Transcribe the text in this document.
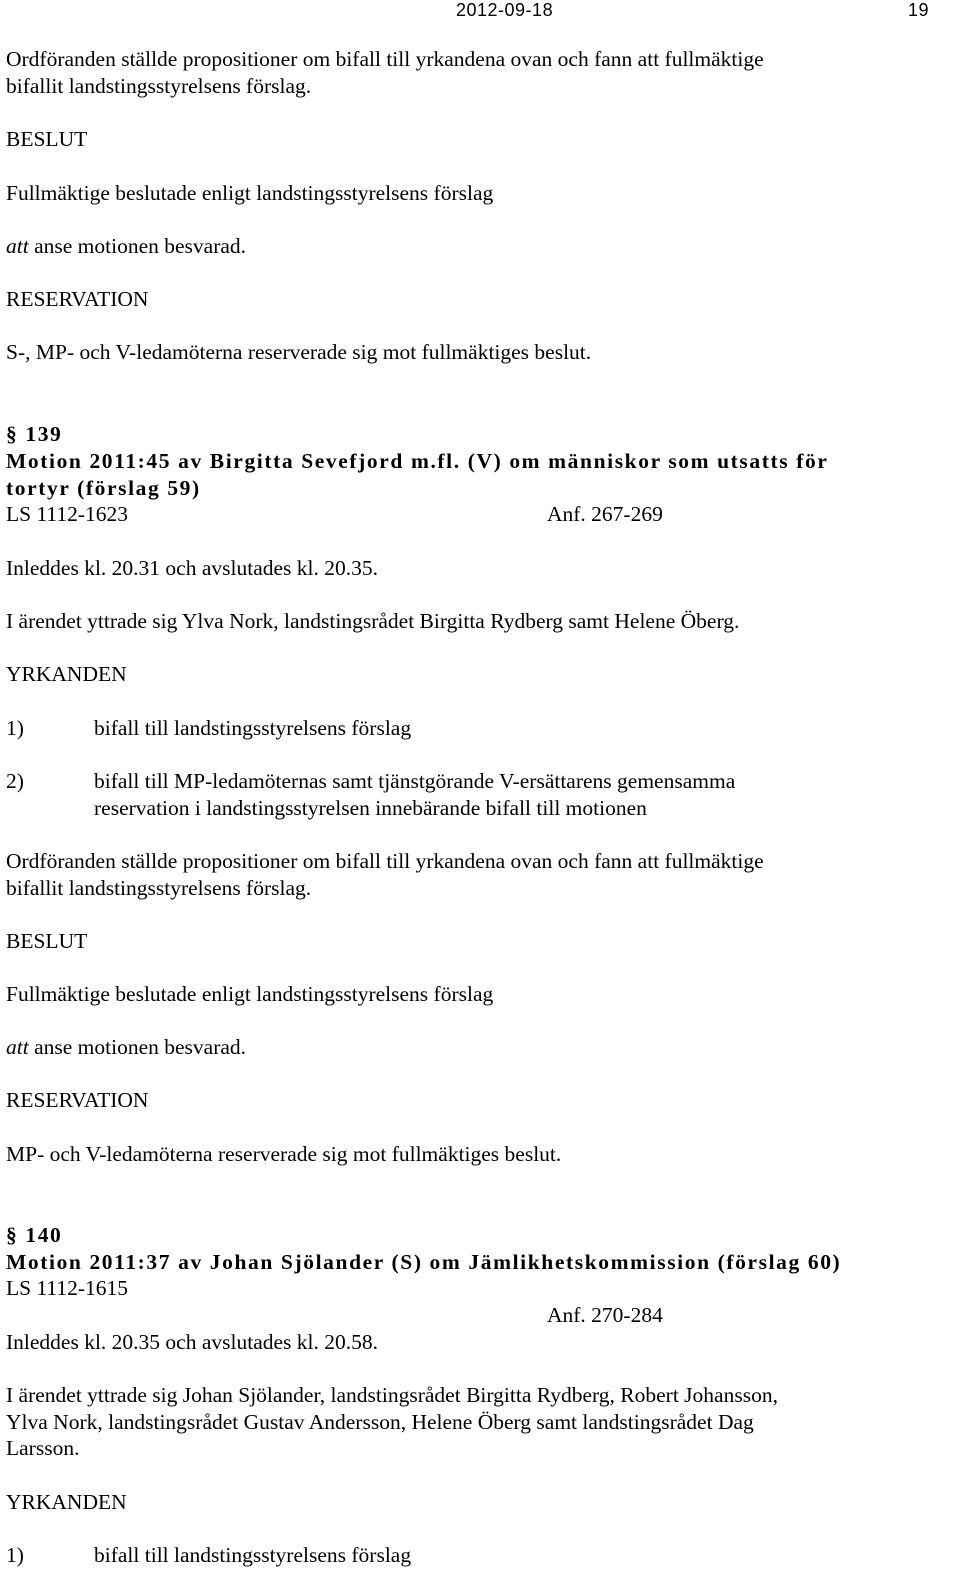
2012-09-18	19

Ordföranden ställde propositioner om bifall till yrkandena ovan och fann att fullmäktige

bifallit landstingsstyrelsens förslag.

BESLUT

Fullmäktige beslutade enligt landstingsstyrelsens förslag

att anse motionen besvarad.

RESERVATION

S-, MP- och V-ledamöterna reserverade sig mot fullmäktiges beslut.

§ 139

Motion 2011:45 av Birgitta Sevefjord m.fl. (V) om människor som utsatts för

tortyr (förslag 59)

LS 1112-1623	Anf. 267-269

Inleddes kl. 20.31 och avslutades kl. 20.35.

I ärendet yttrade sig Ylva Nork, landstingsrådet Birgitta Rydberg samt Helene Öberg.

YRKANDEN

1)	bifall till landstingsstyrelsens förslag

2)	bifall till MP-ledamöternas samt tjänstgörande V-ersättarens gemensamma

reservation i landstingsstyrelsen innebärande bifall till motionen

Ordföranden ställde propositioner om bifall till yrkandena ovan och fann att fullmäktige

bifallit landstingsstyrelsens förslag.

BESLUT

Fullmäktige beslutade enligt landstingsstyrelsens förslag

att anse motionen besvarad.

RESERVATION

MP- och V-ledamöterna reserverade sig mot fullmäktiges beslut.

§ 140

Motion 2011:37 av Johan Sjölander (S) om Jämlikhetskommission (förslag 60)

LS 1112-1615

Anf. 270-284

Inleddes kl. 20.35 och avslutades kl. 20.58.

I ärendet yttrade sig Johan Sjölander, landstingsrådet Birgitta Rydberg, Robert Johansson,

Ylva Nork, landstingsrådet Gustav Andersson, Helene Öberg samt landstingsrådet Dag

Larsson.

YRKANDEN

1)	bifall till landstingsstyrelsens förslag
